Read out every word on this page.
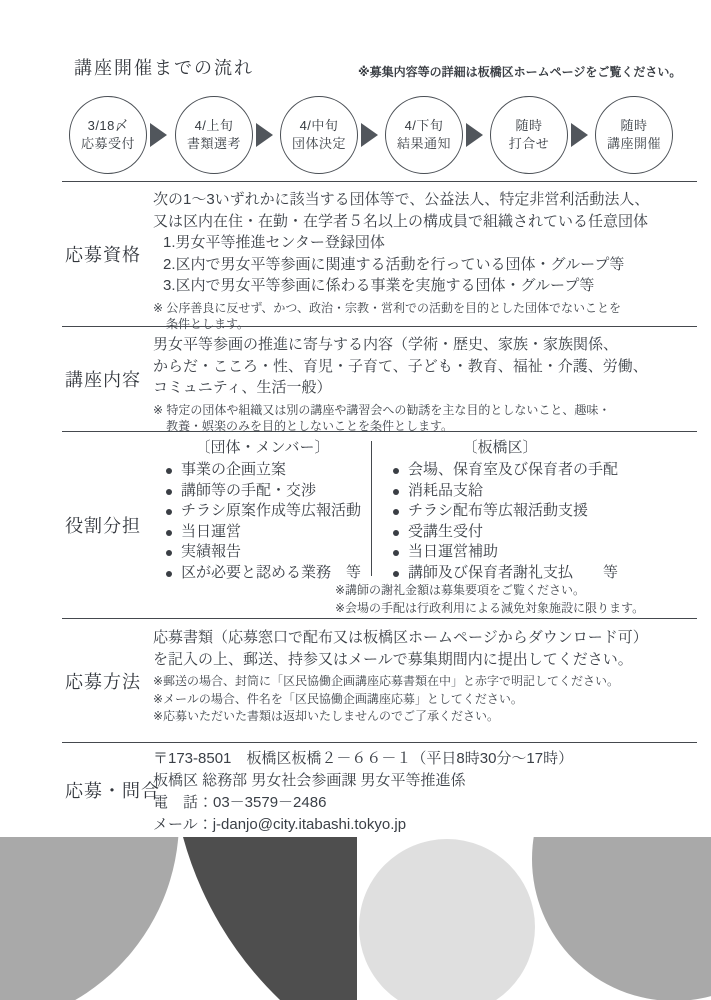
講座開催までの流れ	※募集内容等の詳細は板橋区ホームページをご覧ください。
3/18〆
応募受付
4/上旬
書類選考
4/中旬
団体決定
4/下旬
結果通知
随時
打合せ
随時
講座開催
応募資格
次の1～3いずれかに該当する団体等で、公益法人、特定非営利活動法人、
又は区内在住・在勤・在学者５名以上の構成員で組織されている任意団体
1.男女平等推進センター登録団体
2.区内で男女平等参画に関連する活動を行っている団体・グループ等
3.区内で男女平等参画に係わる事業を実施する団体・グループ等
※ 公序善良に反せず、かつ、政治・宗教・営利での活動を目的とした団体でないことを
条件とします。
講座内容
男女平等参画の推進に寄与する内容（学術・歴史、家族・家族関係、
からだ・こころ・性、育児・子育て、子ども・教育、福祉・介護、労働、
コミュニティ、生活一般）
※ 特定の団体や組織又は別の講座や講習会への勧誘を主な目的としないこと、趣味・
教養・娯楽のみを目的としないことを条件とします。
役割分担
〔団体・メンバー〕
事業の企画立案
講師等の手配・交渉
チラシ原案作成等広報活動
当日運営
実績報告
区が必要と認める業務　等
〔板橋区〕
会場、保育室及び保育者の手配
消耗品支給
チラシ配布等広報活動支援
受講生受付
当日運営補助
講師及び保育者謝礼支払　　等
※講師の謝礼金額は募集要項をご覧ください。
※会場の手配は行政利用による減免対象施設に限ります。
応募方法
応募書類（応募窓口で配布又は板橋区ホームページからダウンロード可）
を記入の上、郵送、持参又はメールで募集期間内に提出してください。
※郵送の場合、封筒に「区民協働企画講座応募書類在中」と赤字で明記してください。
※メールの場合、件名を「区民協働企画講座応募」としてください。
※応募いただいた書類は返却いたしませんのでご了承ください。
応募・問合
〒173-8501　板橋区板橋２－６６－１（平日8時30分～17時）
板橋区 総務部 男女社会参画課 男女平等推進係
電　話：03－3579－2486
メール：j-danjo@city.itabashi.tokyo.jp
